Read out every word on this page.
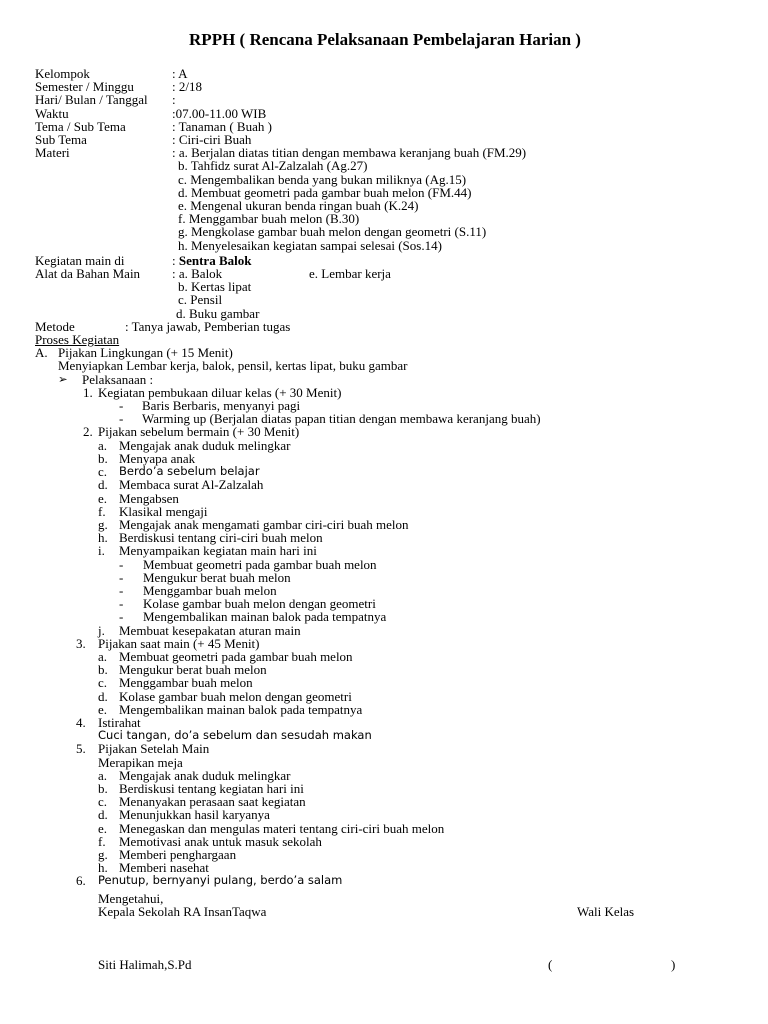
RPPH ( Rencana Pelaksanaan Pembelajaran Harian )
Kelompok	: A
Semester / Minggu	: 2/18
Hari/ Bulan / Tanggal	:
Waktu	:07.00-11.00 WIB
Tema / Sub Tema	: Tanaman ( Buah )
Sub Tema	: Ciri-ciri Buah
Materi	: a. Berjalan diatas titian dengan membawa keranjang buah (FM.29)
b. Tahfidz surat Al-Zalzalah (Ag.27)
c. Mengembalikan benda yang bukan miliknya (Ag.15)
d. Membuat geometri pada gambar buah melon (FM.44)
e. Mengenal ukuran benda ringan buah (K.24)
f. Menggambar buah melon (B.30)
g. Mengkolase gambar buah melon dengan geometri (S.11)
h. Menyelesaikan kegiatan sampai selesai (Sos.14)
Kegiatan main di	: Sentra Balok
Alat da Bahan Main	: a. Balok	e. Lembar kerja
b. Kertas lipat
c. Pensil
d. Buku gambar
Metode	: Tanya jawab, Pemberian tugas
Proses Kegiatan
A. Pijakan Lingkungan (+ 15 Menit)
Menyiapkan Lembar kerja, balok, pensil, kertas lipat, buku gambar
➢	Pelaksanaan :
1. Kegiatan pembukaan diluar kelas (+ 30 Menit)
-	Baris Berbaris, menyanyi pagi
-	Warming up (Berjalan diatas papan titian dengan membawa keranjang buah)
2. Pijakan sebelum bermain (+ 30 Menit)
a. Mengajak anak duduk melingkar
b. Menyapa anak
c.	Berdo’a sebelum belajar
d. Membaca surat Al-Zalzalah
e. Mengabsen
f.	Klasikal mengaji
g. Mengajak anak mengamati gambar ciri-ciri buah melon
h. Berdiskusi tentang ciri-ciri buah melon
i.	Menyampaikan kegiatan main hari ini
-	Membuat geometri pada gambar buah melon
-	Mengukur berat buah melon
-	Menggambar buah melon
-	Kolase gambar buah melon dengan geometri
-	Mengembalikan mainan balok pada tempatnya
j.	Membuat kesepakatan aturan main
3. Pijakan saat main (+ 45 Menit)
a. Membuat geometri pada gambar buah melon
b. Mengukur berat buah melon
c. Menggambar buah melon
d. Kolase gambar buah melon dengan geometri
e. Mengembalikan mainan balok pada tempatnya
4. Istirahat
Cuci tangan, do’a sebelum dan sesudah makan
5. Pijakan Setelah Main
Merapikan meja
a. Mengajak anak duduk melingkar
b. Berdiskusi tentang kegiatan hari ini
c. Menanyakan perasaan saat kegiatan
d. Menunjukkan hasil karyanya
e. Menegaskan dan mengulas materi tentang ciri-ciri buah melon
f.	Memotivasi anak untuk masuk sekolah
g. Memberi penghargaan
h. Memberi nasehat
6.	Penutup, bernyanyi pulang, berdo’a salam
Mengetahui,
Kepala Sekolah RA InsanTaqwa	Wali Kelas
Siti Halimah,S.Pd	(	)
